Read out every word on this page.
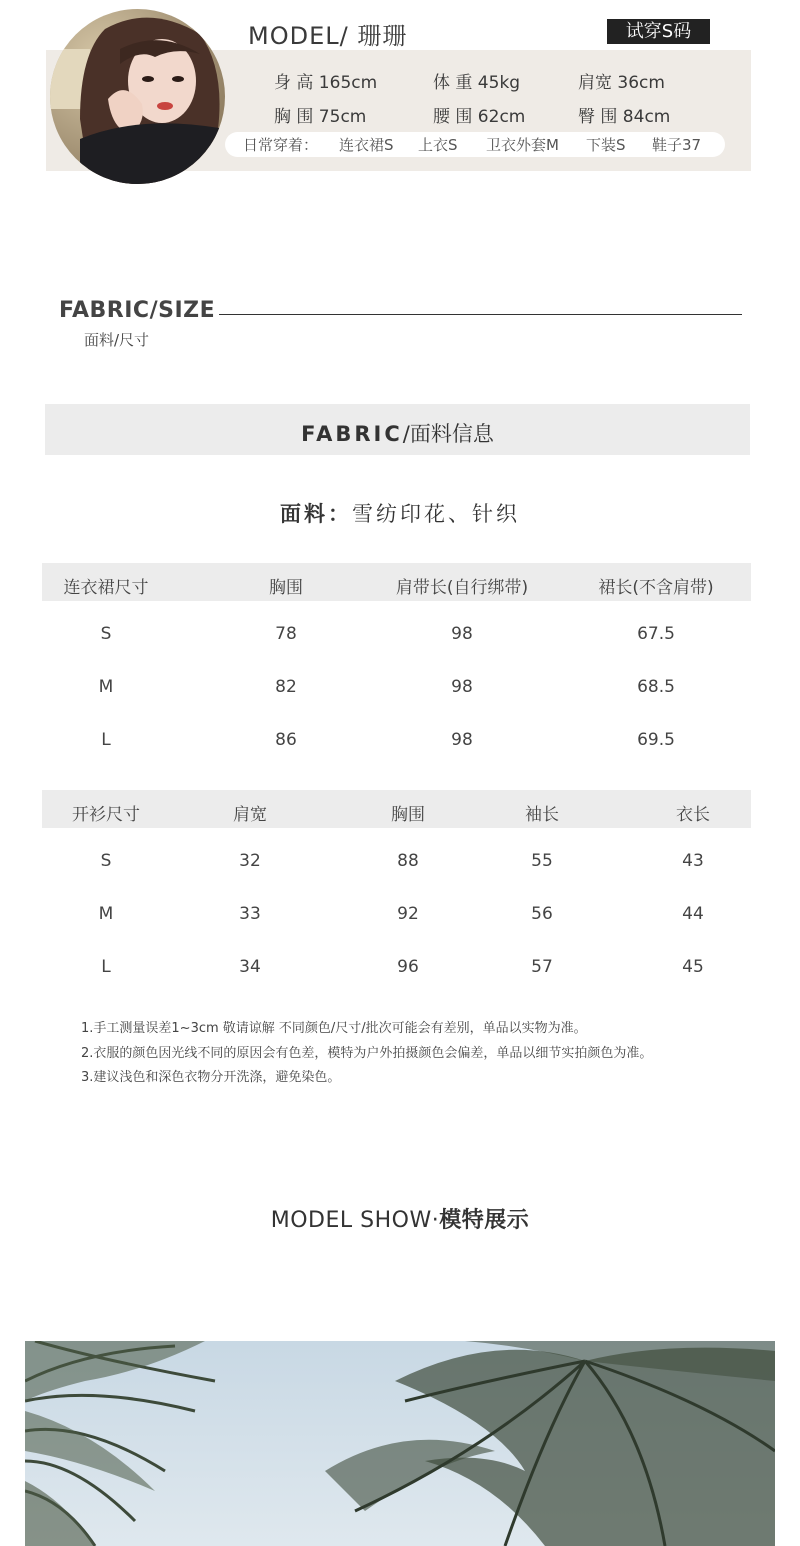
MODEL/ 珊珊	试穿S码
身 高 165cm	体 重 45kg	肩宽 36cm
胸 围 75cm	腰 围 62cm	臀 围 84cm
日常穿着： 连衣裙S 上衣S 卫衣外套M 下装S 鞋子37
FABRIC/SIZE
面料/尺寸
FABRIC/面料信息
面料：雪纺印花、针织
连衣裙尺寸	胸围	肩带长(自行绑带)	裙长(不含肩带)
S	78	98	67.5
M	82	98	68.5
L	86	98	69.5
开衫尺寸	肩宽	胸围	袖长	衣长
S	32	88	55	43
M	33	92	56	44
L	34	96	57	45
1.手工测量误差1~3cm 敬请谅解 不同颜色/尺寸/批次可能会有差别，单品以实物为准。
2.衣服的颜色因光线不同的原因会有色差，模特为户外拍摄颜色会偏差，单品以细节实拍颜色为准。
3.建议浅色和深色衣物分开洗涤，避免染色。
MODEL SHOW·模特展示
